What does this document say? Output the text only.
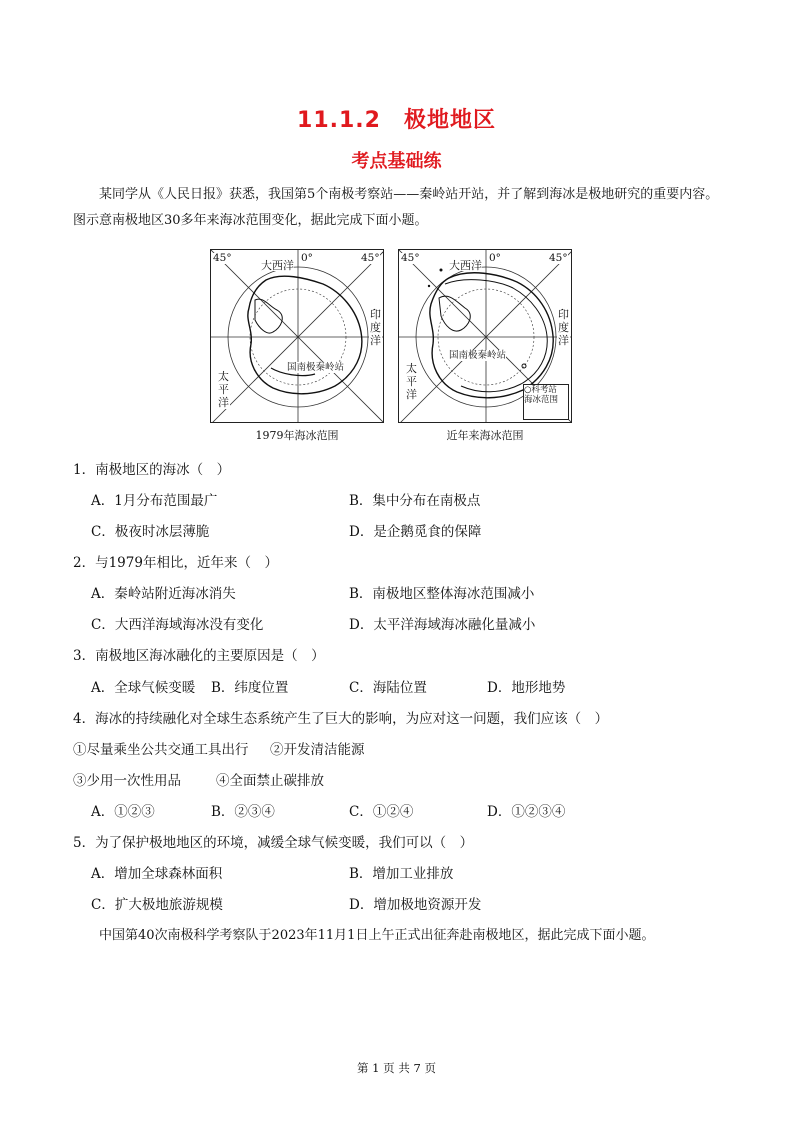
11.1.2　极地地区
考点基础练
某同学从《人民日报》获悉，我国第5个南极考察站——秦岭站开站，并了解到海冰是极地研究的重要内容。图示意南极地区30多年来海冰范围变化，据此完成下面小题。
45°	0°	45°
大西洋
印度洋
太平洋
国南极秦岭站
1979年海冰范围
45°	0°	45°
大西洋
印度洋
太平洋
国南极秦岭站
○科考站
海冰范围
近年来海冰范围
1．南极地区的海冰（　）
A．1月分布范围最广	B．集中分布在南极点
C．极夜时冰层薄脆	D．是企鹅觅食的保障
2．与1979年相比，近年来（　）
A．秦岭站附近海冰消失	B．南极地区整体海冰范围减小
C．大西洋海域海冰没有变化	D．太平洋海域海冰融化量减小
3．南极地区海冰融化的主要原因是（　）
A．全球气候变暖 B．纬度位置	C．海陆位置	D．地形地势
4．海冰的持续融化对全球生态系统产生了巨大的影响，为应对这一问题，我们应该（　）
①尽量乘坐公共交通工具出行 ②开发清洁能源
③少用一次性用品	④全面禁止碳排放
A．①②③	B．②③④	C．①②④	D．①②③④
5．为了保护极地地区的环境，减缓全球气候变暖，我们可以（　）
A．增加全球森林面积	B．增加工业排放
C．扩大极地旅游规模	D．增加极地资源开发
中国第40次南极科学考察队于2023年11月1日上午正式出征奔赴南极地区，据此完成下面小题。
第 1 页 共 7 页
